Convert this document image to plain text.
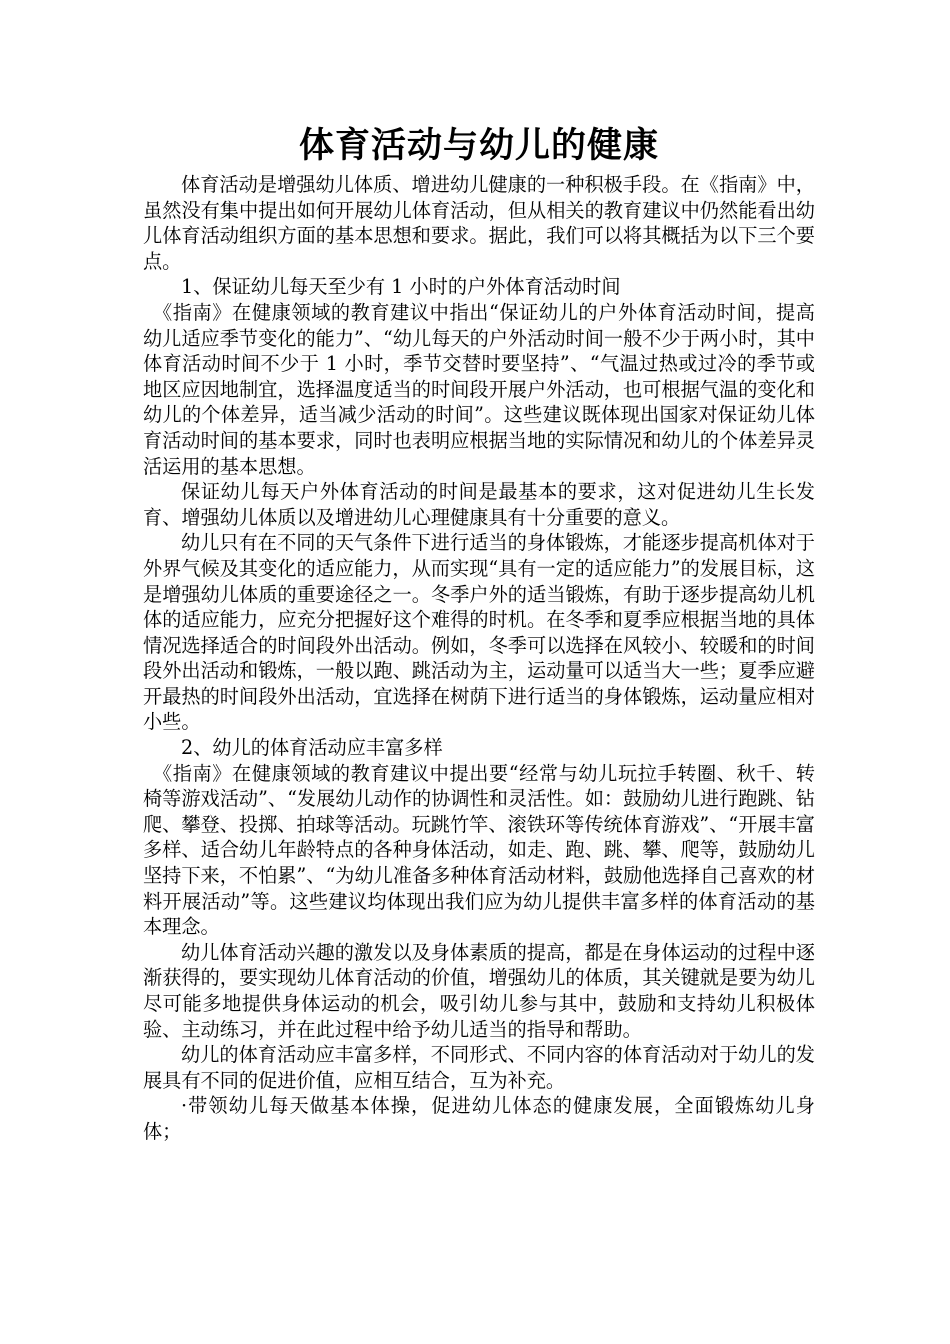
体育活动与幼儿的健康

体育活动是增强幼儿体质、增进幼儿健康的一种积极手段。在《指南》中，虽然没有集中提出如何开展幼儿体育活动，但从相关的教育建议中仍然能看出幼儿体育活动组织方面的基本思想和要求。据此，我们可以将其概括为以下三个要点。

1、保证幼儿每天至少有 1 小时的户外体育活动时间

《指南》在健康领域的教育建议中指出“保证幼儿的户外体育活动时间，提高幼儿适应季节变化的能力”、“幼儿每天的户外活动时间一般不少于两小时，其中体育活动时间不少于 1 小时，季节交替时要坚持”、“气温过热或过冷的季节或地区应因地制宜，选择温度适当的时间段开展户外活动，也可根据气温的变化和幼儿的个体差异，适当减少活动的时间”。这些建议既体现出国家对保证幼儿体育活动时间的基本要求，同时也表明应根据当地的实际情况和幼儿的个体差异灵活运用的基本思想。

保证幼儿每天户外体育活动的时间是最基本的要求，这对促进幼儿生长发育、增强幼儿体质以及增进幼儿心理健康具有十分重要的意义。

幼儿只有在不同的天气条件下进行适当的身体锻炼，才能逐步提高机体对于外界气候及其变化的适应能力，从而实现“具有一定的适应能力”的发展目标，这是增强幼儿体质的重要途径之一。冬季户外的适当锻炼，有助于逐步提高幼儿机体的适应能力，应充分把握好这个难得的时机。在冬季和夏季应根据当地的具体情况选择适合的时间段外出活动。例如，冬季可以选择在风较小、较暖和的时间段外出活动和锻炼，一般以跑、跳活动为主，运动量可以适当大一些；夏季应避开最热的时间段外出活动，宜选择在树荫下进行适当的身体锻炼，运动量应相对小些。

2、幼儿的体育活动应丰富多样

《指南》在健康领域的教育建议中提出要“经常与幼儿玩拉手转圈、秋千、转椅等游戏活动”、“发展幼儿动作的协调性和灵活性。如：鼓励幼儿进行跑跳、钻爬、攀登、投掷、拍球等活动。玩跳竹竿、滚铁环等传统体育游戏”、“开展丰富多样、适合幼儿年龄特点的各种身体活动，如走、跑、跳、攀、爬等，鼓励幼儿坚持下来，不怕累”、“为幼儿准备多种体育活动材料，鼓励他选择自己喜欢的材料开展活动”等。这些建议均体现出我们应为幼儿提供丰富多样的体育活动的基本理念。

幼儿体育活动兴趣的激发以及身体素质的提高，都是在身体运动的过程中逐渐获得的，要实现幼儿体育活动的价值，增强幼儿的体质，其关键就是要为幼儿尽可能多地提供身体运动的机会，吸引幼儿参与其中，鼓励和支持幼儿积极体验、主动练习，并在此过程中给予幼儿适当的指导和帮助。

幼儿的体育活动应丰富多样，不同形式、不同内容的体育活动对于幼儿的发展具有不同的促进价值，应相互结合，互为补充。

·带领幼儿每天做基本体操，促进幼儿体态的健康发展，全面锻炼幼儿身体；
